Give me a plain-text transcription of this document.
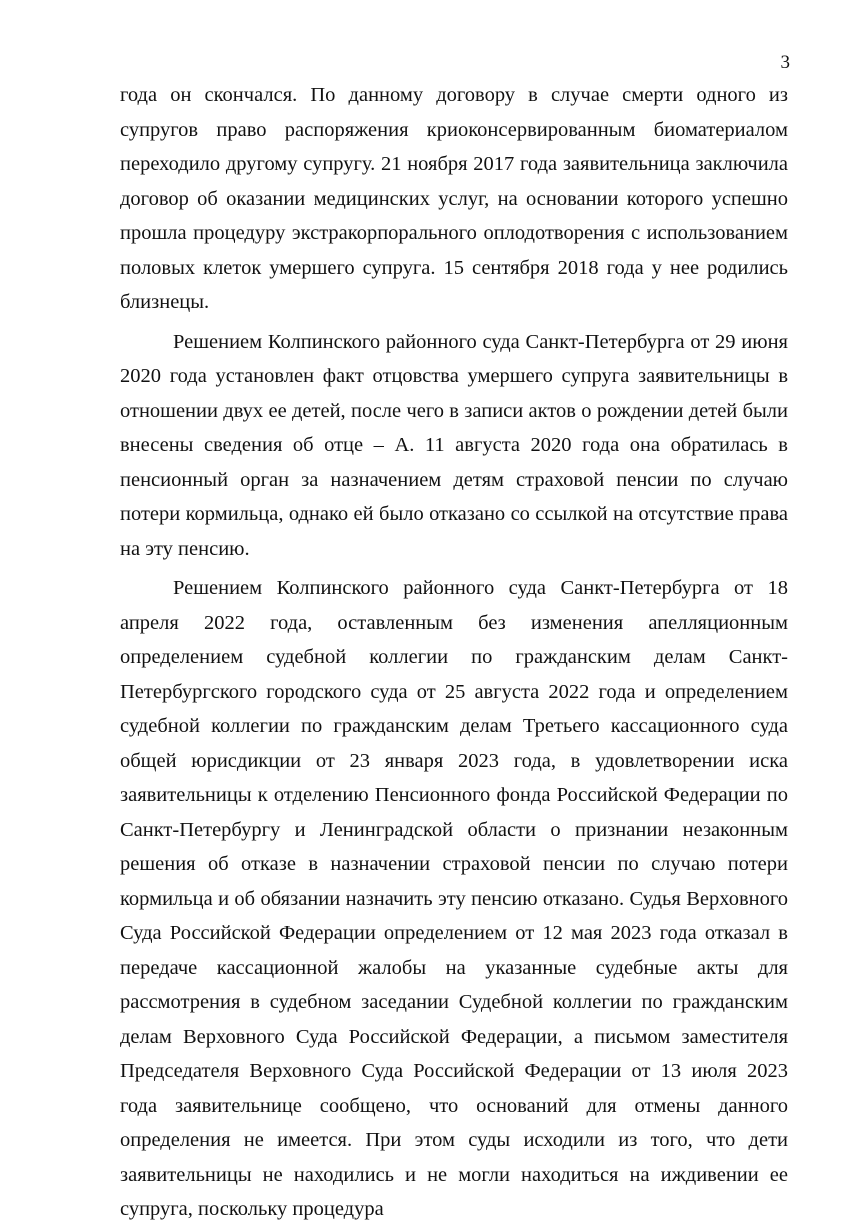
3

года он скончался. По данному договору в случае смерти одного из супругов право распоряжения криоконсервированным биоматериалом переходило другому супругу. 21 ноября 2017 года заявительница заключила договор об оказании медицинских услуг, на основании которого успешно прошла процедуру экстракорпорального оплодотворения с использованием половых клеток умершего супруга. 15 сентября 2018 года у нее родились близнецы.

Решением Колпинского районного суда Санкт-Петербурга от 29 июня 2020 года установлен факт отцовства умершего супруга заявительницы в отношении двух ее детей, после чего в записи актов о рождении детей были внесены сведения об отце – А. 11 августа 2020 года она обратилась в пенсионный орган за назначением детям страховой пенсии по случаю потери кормильца, однако ей было отказано со ссылкой на отсутствие права на эту пенсию.

Решением Колпинского районного суда Санкт-Петербурга от 18 апреля 2022 года, оставленным без изменения апелляционным определением судебной коллегии по гражданским делам Санкт-Петербургского городского суда от 25 августа 2022 года и определением судебной коллегии по гражданским делам Третьего кассационного суда общей юрисдикции от 23 января 2023 года, в удовлетворении иска заявительницы к отделению Пенсионного фонда Российской Федерации по Санкт-Петербургу и Ленинградской области о признании незаконным решения об отказе в назначении страховой пенсии по случаю потери кормильца и об обязании назначить эту пенсию отказано. Судья Верховного Суда Российской Федерации определением от 12 мая 2023 года отказал в передаче кассационной жалобы на указанные судебные акты для рассмотрения в судебном заседании Судебной коллегии по гражданским делам Верховного Суда Российской Федерации, а письмом заместителя Председателя Верховного Суда Российской Федерации от 13 июля 2023 года заявительнице сообщено, что оснований для отмены данного определения не имеется. При этом суды исходили из того, что дети заявительницы не находились и не могли находиться на иждивении ее супруга, поскольку процедура
